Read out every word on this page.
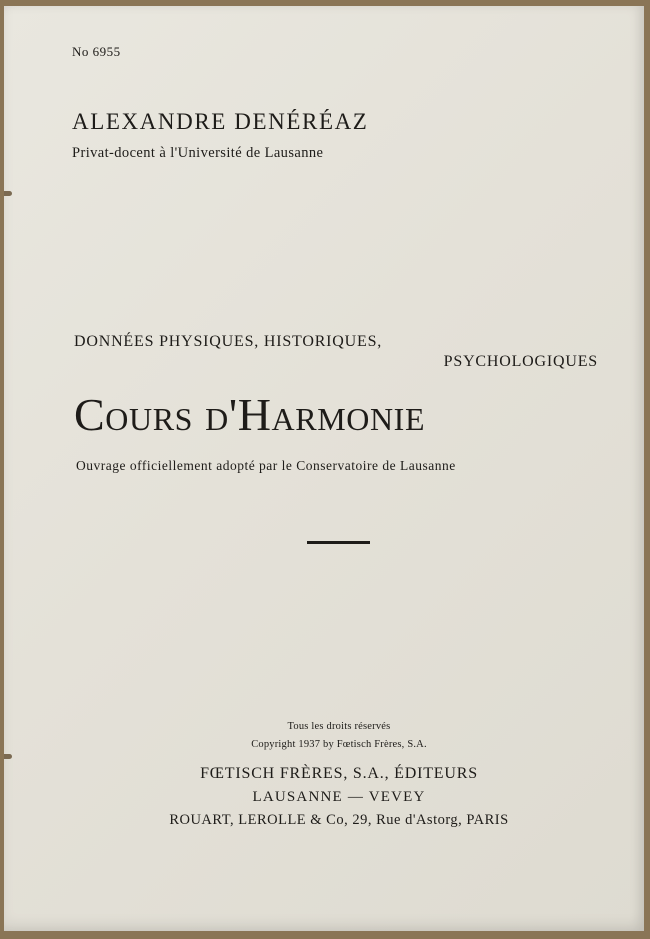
No 6955
ALEXANDRE DENÉRÉAZ
Privat-docent à l'Université de Lausanne
DONNÉES PHYSIQUES, HISTORIQUES,
PSYCHOLOGIQUES
Cours d'Harmonie
Ouvrage officiellement adopté par le Conservatoire de Lausanne
Tous les droits réservés
Copyright 1937 by Fœtisch Frères, S.A.
FŒTISCH FRÈRES, S.A., ÉDITEURS
LAUSANNE — VEVEY
ROUART, LEROLLE & Co, 29, Rue d'Astorg, PARIS
